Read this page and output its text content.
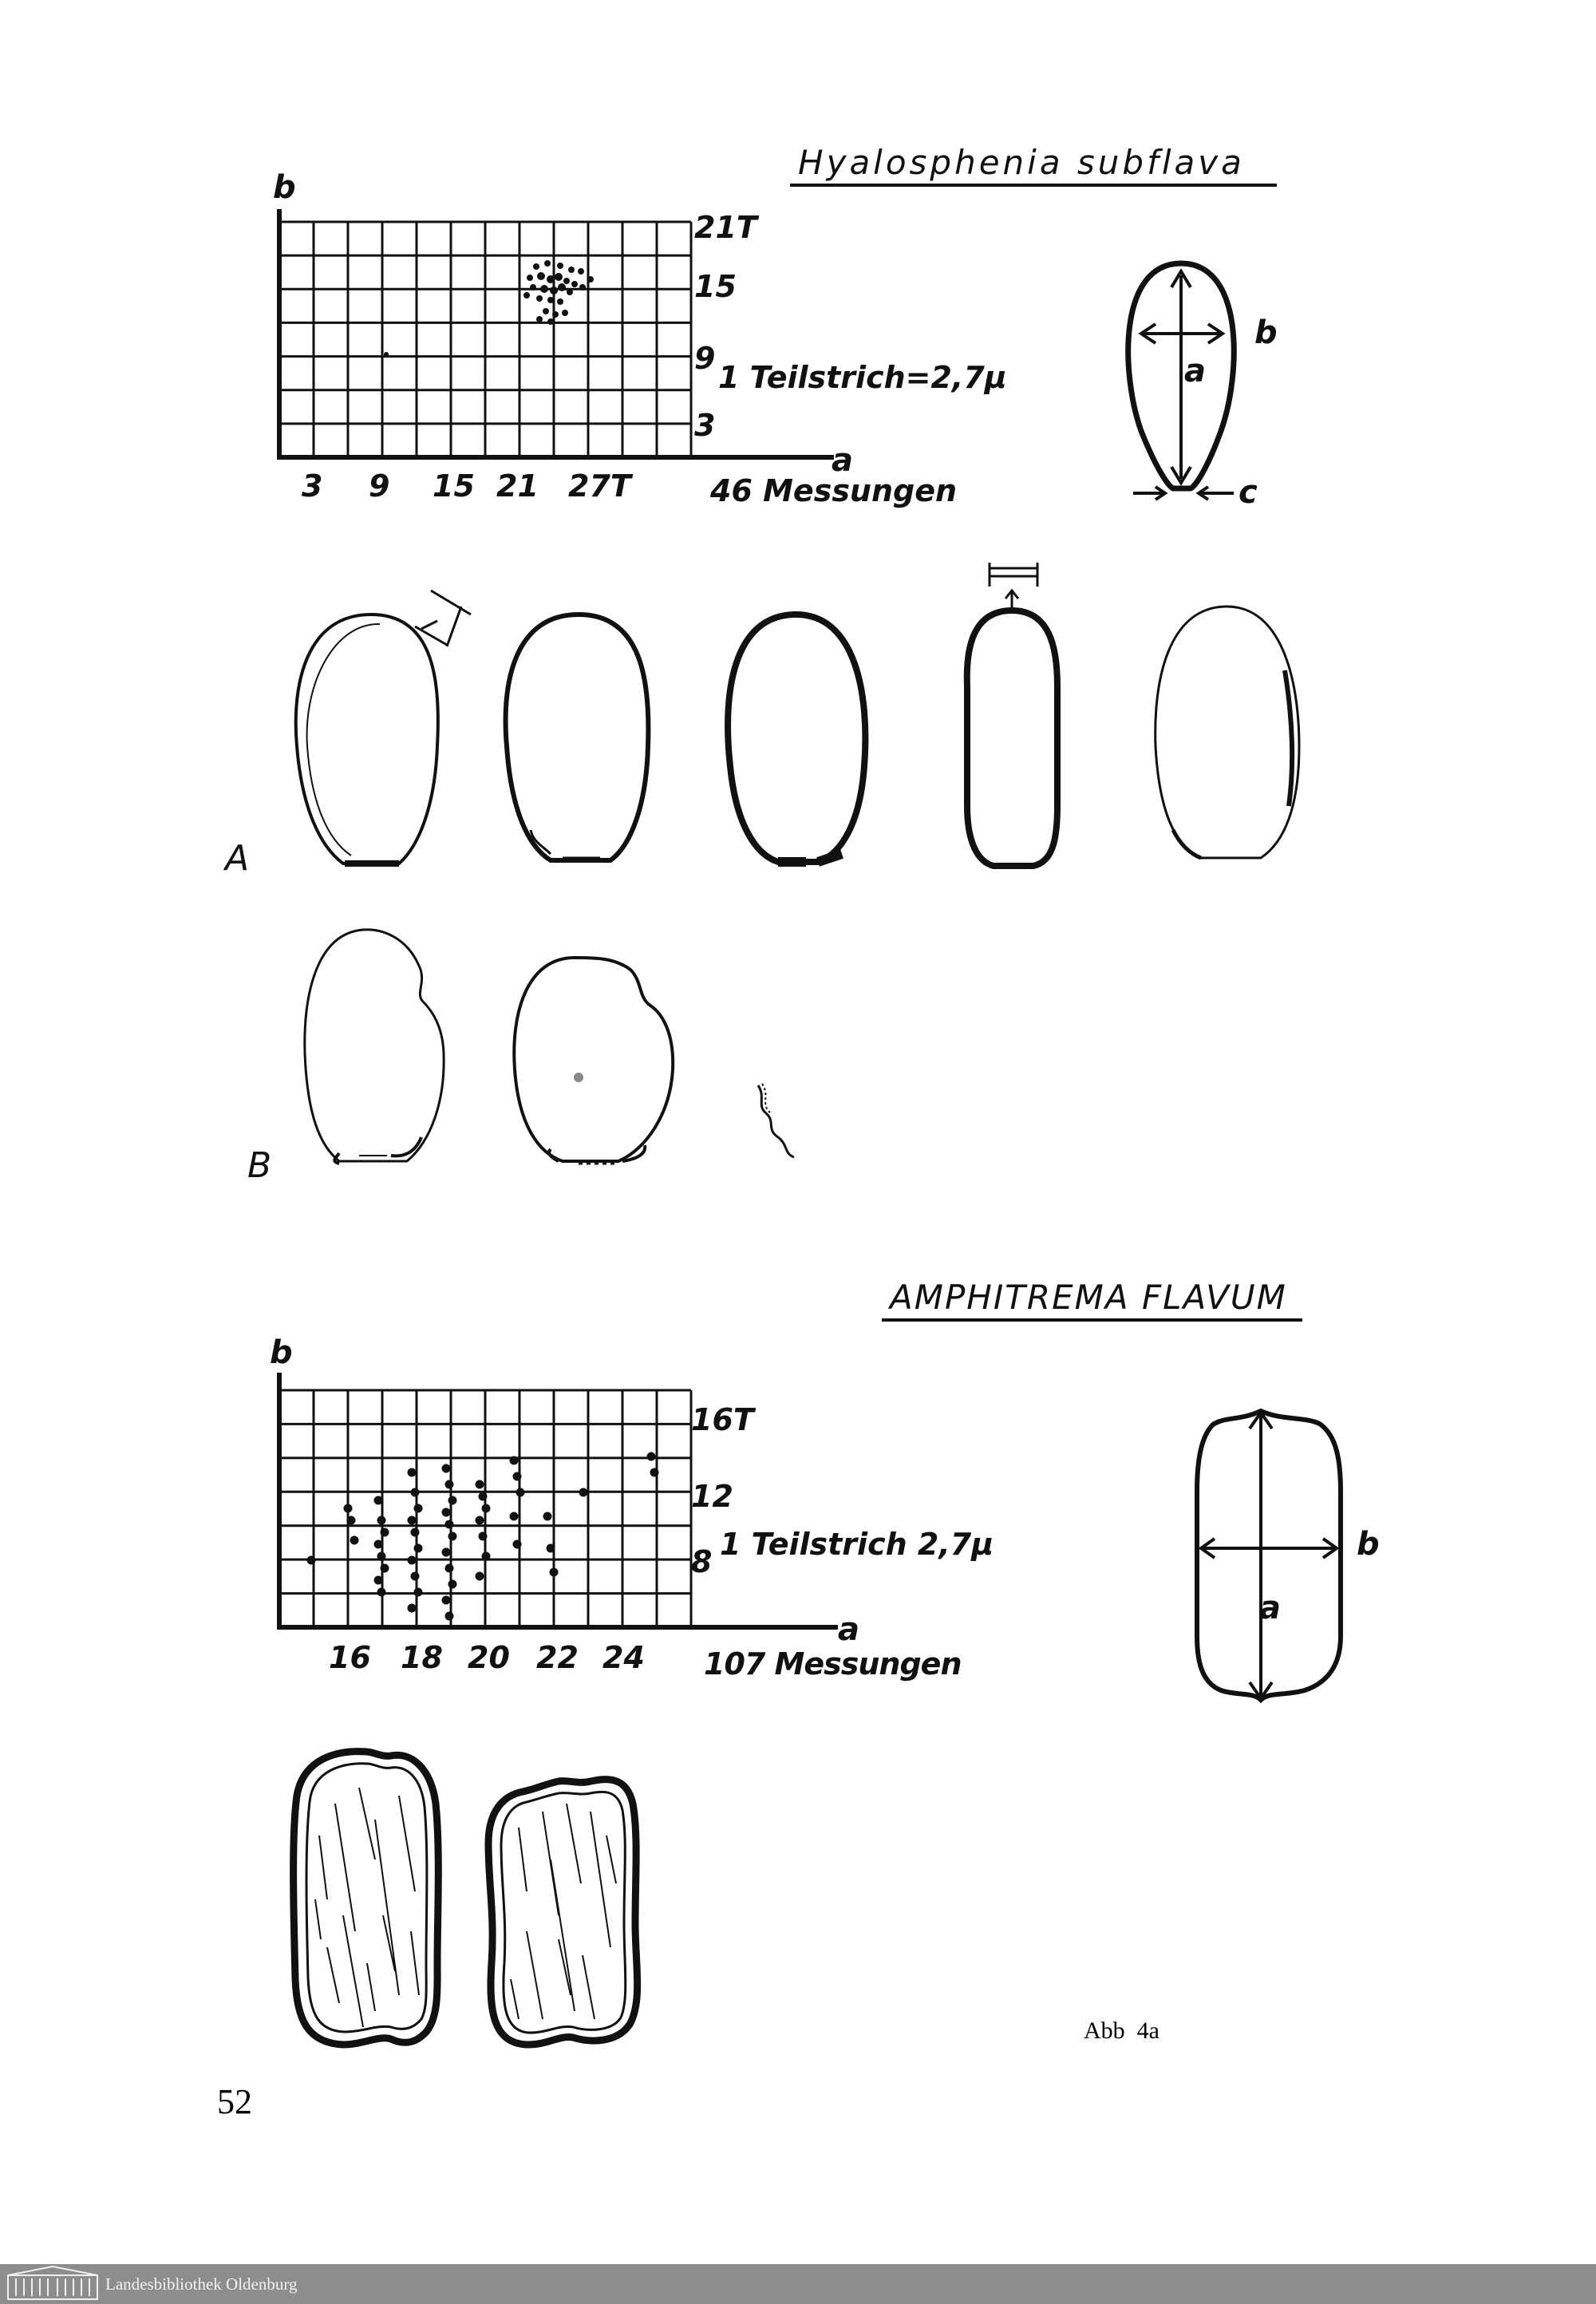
Hyalosphenia subflava
b
a
21T
15
9
3
3 9 15 21 27T
1 Teilstrich=2,7µ
46 Messungen
b
a
c
A
B
AMPHITREMA FLAVUM
b
a
16T
12
8
16 18 20 22 24
1 Teilstrich 2,7µ
107 Messungen
b
a
52
Abb  4a
Landesbibliothek Oldenburg
